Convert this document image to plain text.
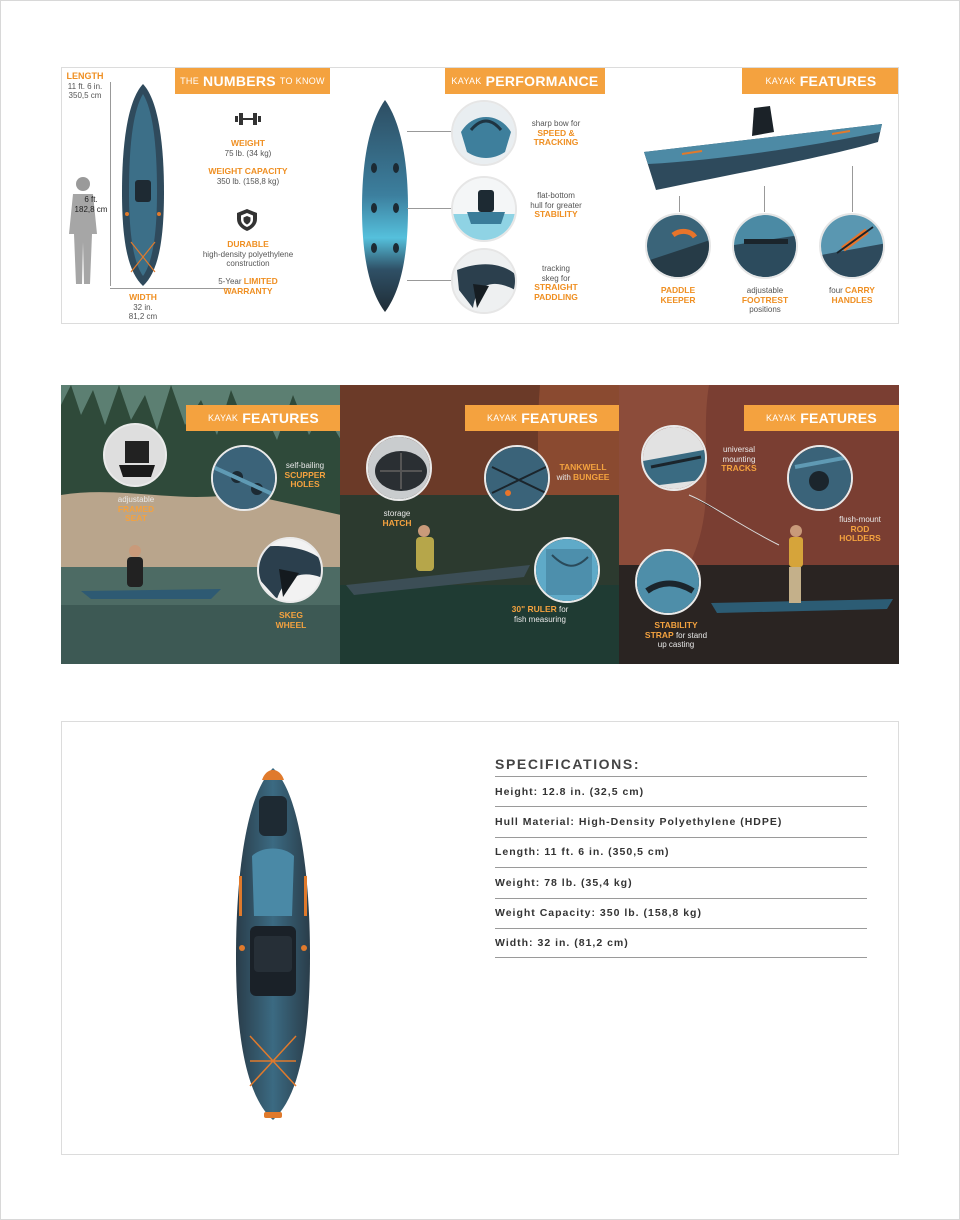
LENGTH
11 ft. 6 in.
350,5 cm
6 ft.
182,8 cm
WIDTH
32 in.
81,2 cm
THE NUMBERS TO KNOW
WEIGHT
75 lb. (34 kg)
WEIGHT CAPACITY
350 lb. (158,8 kg)
DURABLE
high-density polyethylene
construction
5-Year LIMITED
WARRANTY
KAYAK PERFORMANCE
sharp bow for
SPEED &
TRACKING
flat-bottom
hull for greater
STABILITY
tracking
skeg for
STRAIGHT
PADDLING
KAYAK FEATURES
PADDLE
KEEPER
adjustable
FOOTREST
positions
four CARRY
HANDLES
KAYAK FEATURES
adjustable
FRAMED
SEAT
self-bailing
SCUPPER
HOLES
SKEG
WHEEL
KAYAK FEATURES
storage
HATCH
TANKWELL
with BUNGEE
30" RULER for
fish measuring
KAYAK FEATURES
universal
mounting
TRACKS
flush-mount
ROD
HOLDERS
STABILITY
STRAP for stand
up casting
SPECIFICATIONS:
Height: 12.8 in. (32,5 cm)
Hull Material: High-Density Polyethylene (HDPE)
Length: 11 ft. 6 in. (350,5 cm)
Weight: 78 lb. (35,4 kg)
Weight Capacity: 350 lb. (158,8 kg)
Width: 32 in. (81,2 cm)
